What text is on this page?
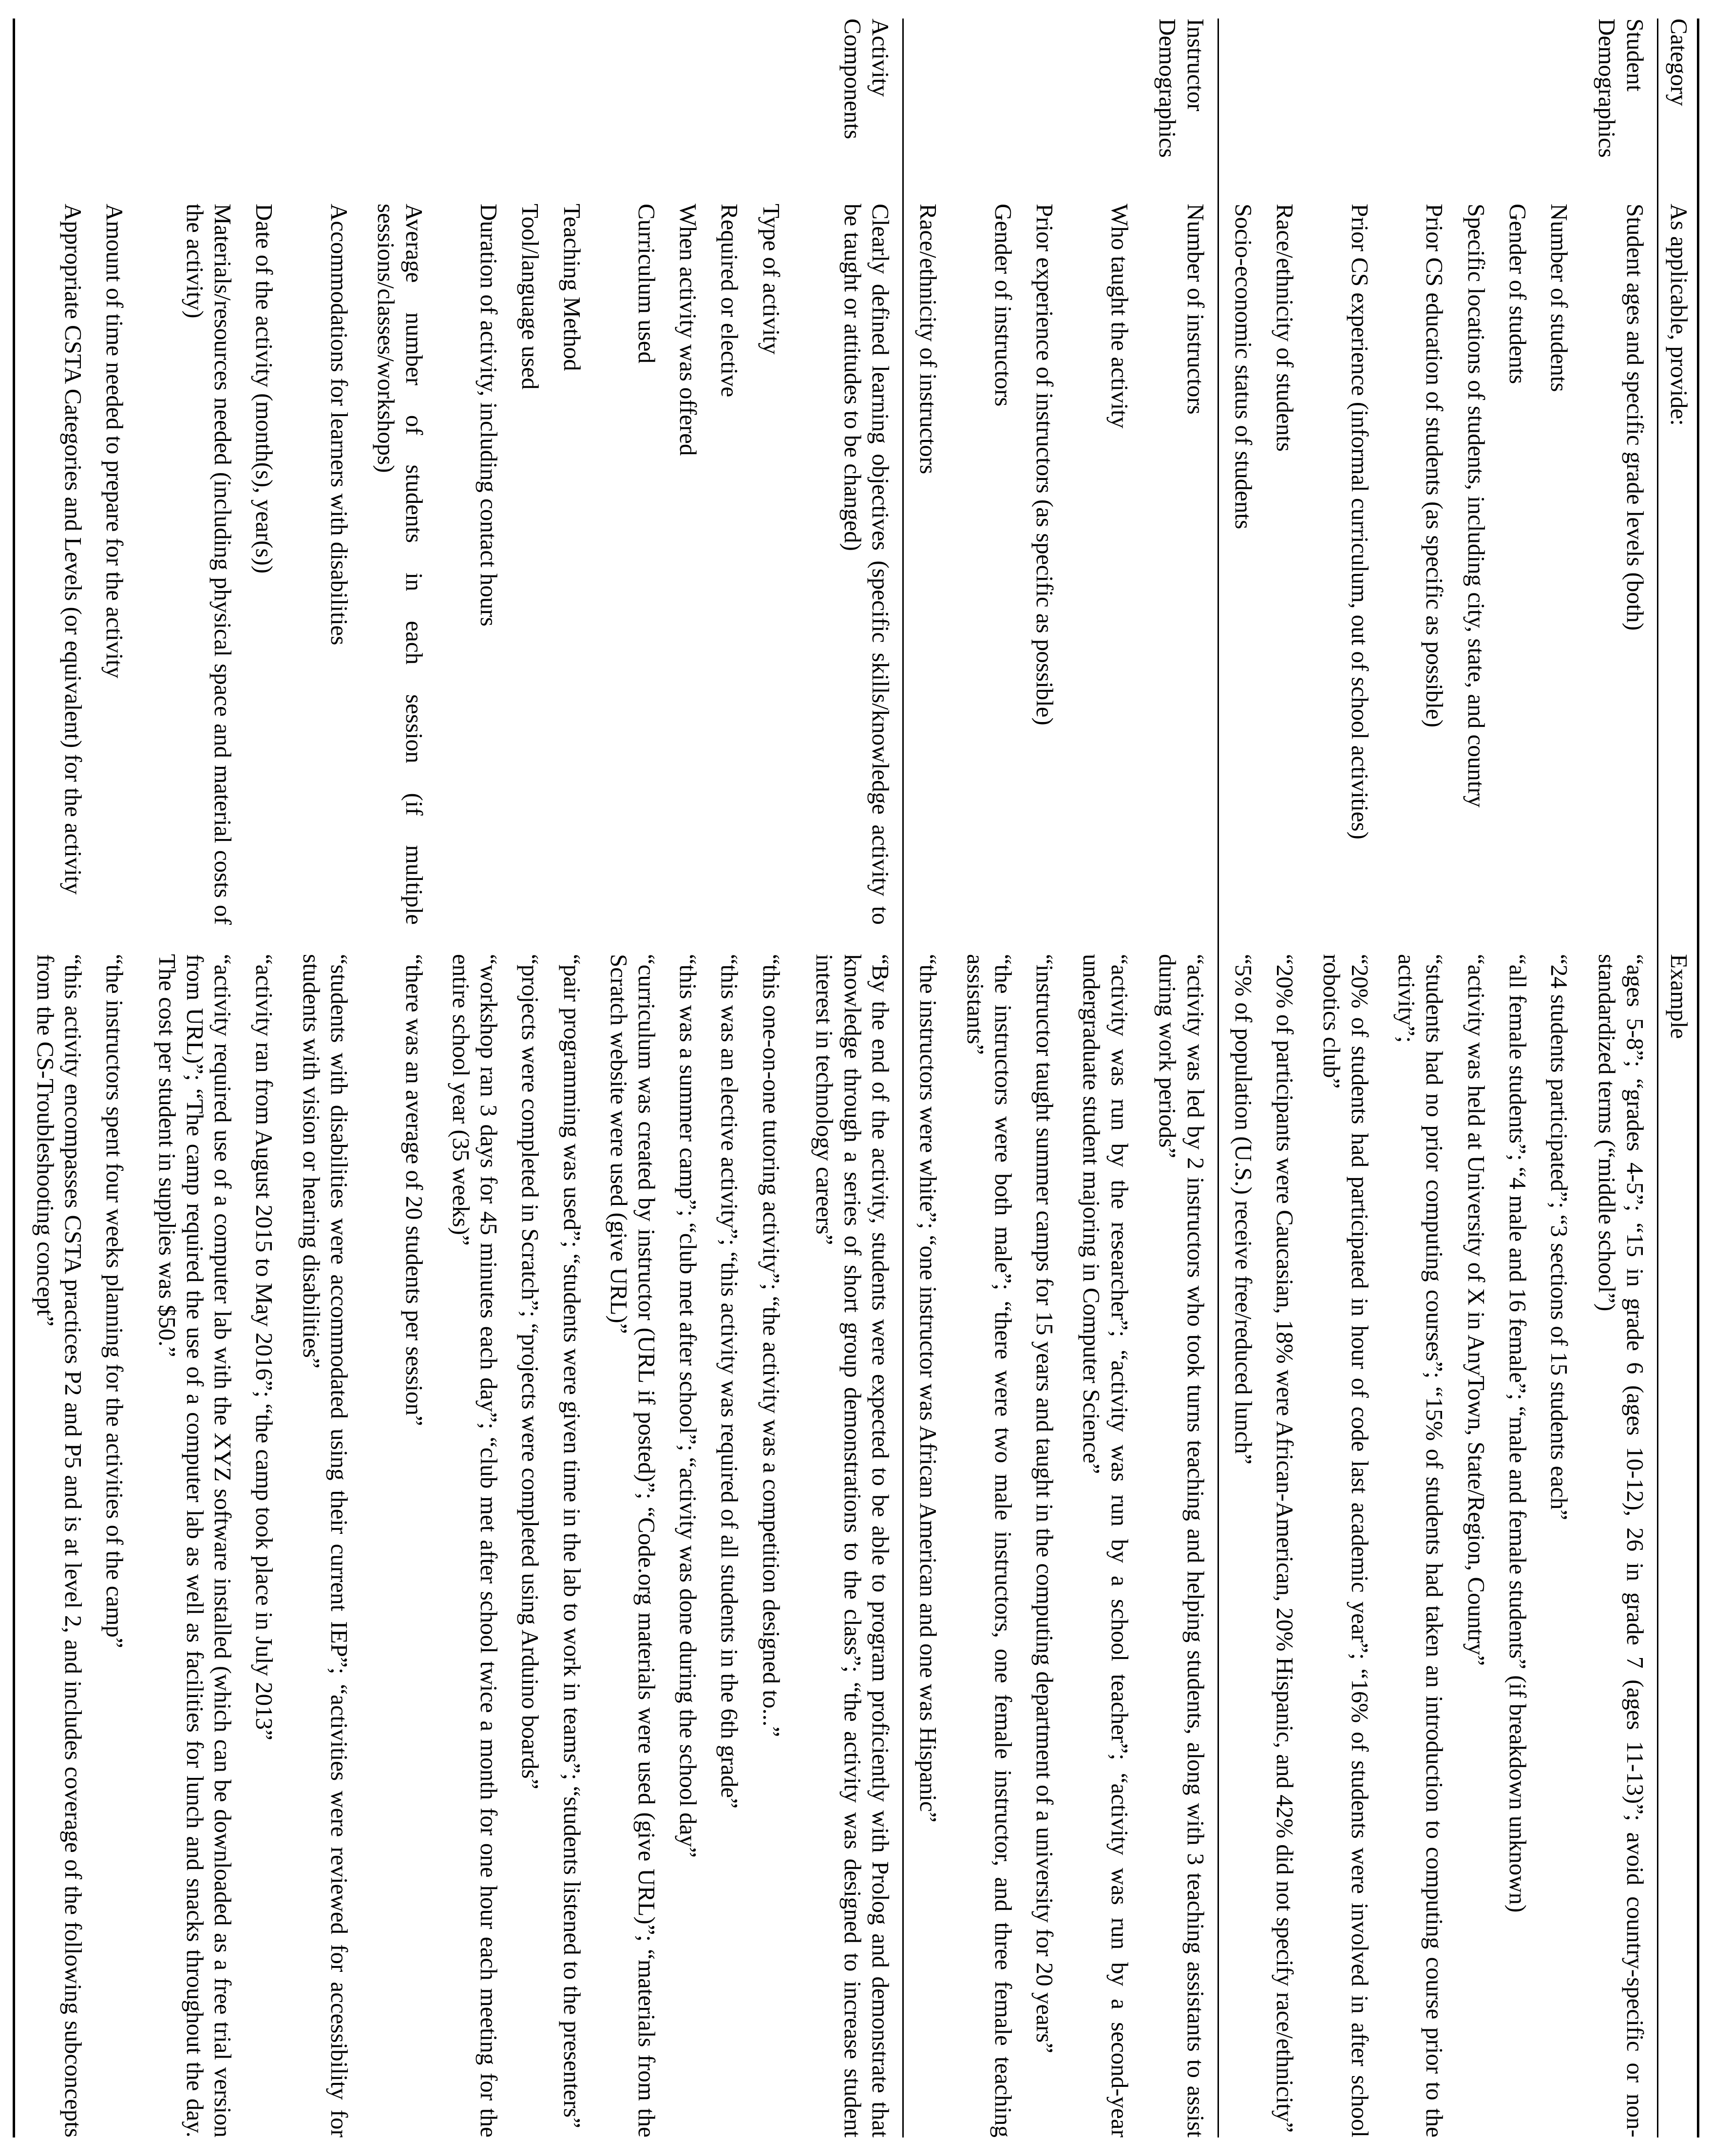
Category	As applicable, provide:	Example
Student Demographics	Student ages and specific grade levels (both)	“ages 5-8”; “grades 4-5”; “15 in grade 6 (ages 10-12), 26 in grade 7 (ages 11-13)”; avoid country-specific or non-standardized terms (“middle school”)
	Number of students	“24 students participated”; “3 sections of 15 students each”
	Gender of students	“all female students”; “4 male and 16 female”; “male and female students” (if breakdown unknown)
	Specific locations of students, including city, state, and country	“activity was held at University of X in AnyTown, State/Region, Country”
	Prior CS education of students (as specific as possible)	“students had no prior computing courses”; “15% of students had taken an introduction to computing course prior to the activity”;
	Prior CS experience (informal curriculum, out of school activities)	“20% of students had participated in hour of code last academic year”; “16% of students were involved in after school robotics club”
	Race/ethnicity of students	“20% of participants were Caucasian, 18% were African-American, 20% Hispanic, and 42% did not specify race/ethnicity”
	Socio-economic status of students	“5% of population (U.S.) receive free/reduced lunch”
Instructor Demographics	Number of instructors	“activity was led by 2 instructors who took turns teaching and helping students, along with 3 teaching assistants to assist during work periods”
	Who taught the activity	“activity was run by the researcher”; “activity was run by a school teacher”; “activity was run by a second-year undergraduate student majoring in Computer Science”
	Prior experience of instructors (as specific as possible)	“instructor taught summer camps for 15 years and taught in the computing department of a university for 20 years”
	Gender of instructors	“the instructors were both male”; “there were two male instructors, one female instructor, and three female teaching assistants”
	Race/ethnicity of instructors	“the instructors were white”; “one instructor was African American and one was Hispanic”
Activity Components	Clearly defined learning objectives (specific skills/knowledge activity to be taught or attitudes to be changed)	“By the end of the activity, students were expected to be able to program proficiently with Prolog and demonstrate that knowledge through a series of short group demonstrations to the class”; “the activity was designed to increase student interest in technology careers”
	Type of activity	“this one-on-one tutoring activity”; “the activity was a competition designed to...”
	Required or elective	“this was an elective activity”; “this activity was required of all students in the 6th grade”
	When activity was offered	“this was a summer camp”; “club met after school”; “activity was done during the school day”
	Curriculum used	“curriculum was created by instructor (URL if posted)”; “Code.org materials were used (give URL)”; “materials from the Scratch website were used (give URL)”
	Teaching Method	“pair programming was used”; “students were given time in the lab to work in teams”; “students listened to the presenters”
	Tool/language used	“projects were completed in Scratch”; “projects were completed using Arduino boards”
	Duration of activity, including contact hours	“workshop ran 3 days for 45 minutes each day”; “club met after school twice a month for one hour each meeting for the entire school year (35 weeks)”
	Average number of students in each session (if multiple sessions/classes/workshops)	“there was an average of 20 students per session”
	Accommodations for learners with disabilities	“students with disabilities were accommodated using their current IEP”; “activities were reviewed for accessibility for students with vision or hearing disabilities”
	Date of the activity (month(s), year(s))	“activity ran from August 2015 to May 2016”; “the camp took place in July 2013”
	Materials/resources needed (including physical space and material costs of the activity)	“activity required use of a computer lab with the XYZ software installed (which can be downloaded as a free trial version from URL)”; “The camp required the use of a computer lab as well as facilities for lunch and snacks throughout the day. The cost per student in supplies was $50.”
	Amount of time needed to prepare for the activity	“the instructors spent four weeks planning for the activities of the camp”
	Appropriate CSTA Categories and Levels (or equivalent) for the activity	“this activity encompasses CSTA practices P2 and P5 and is at level 2, and includes coverage of the following subconcepts from the CS-Troubleshooting concept”
